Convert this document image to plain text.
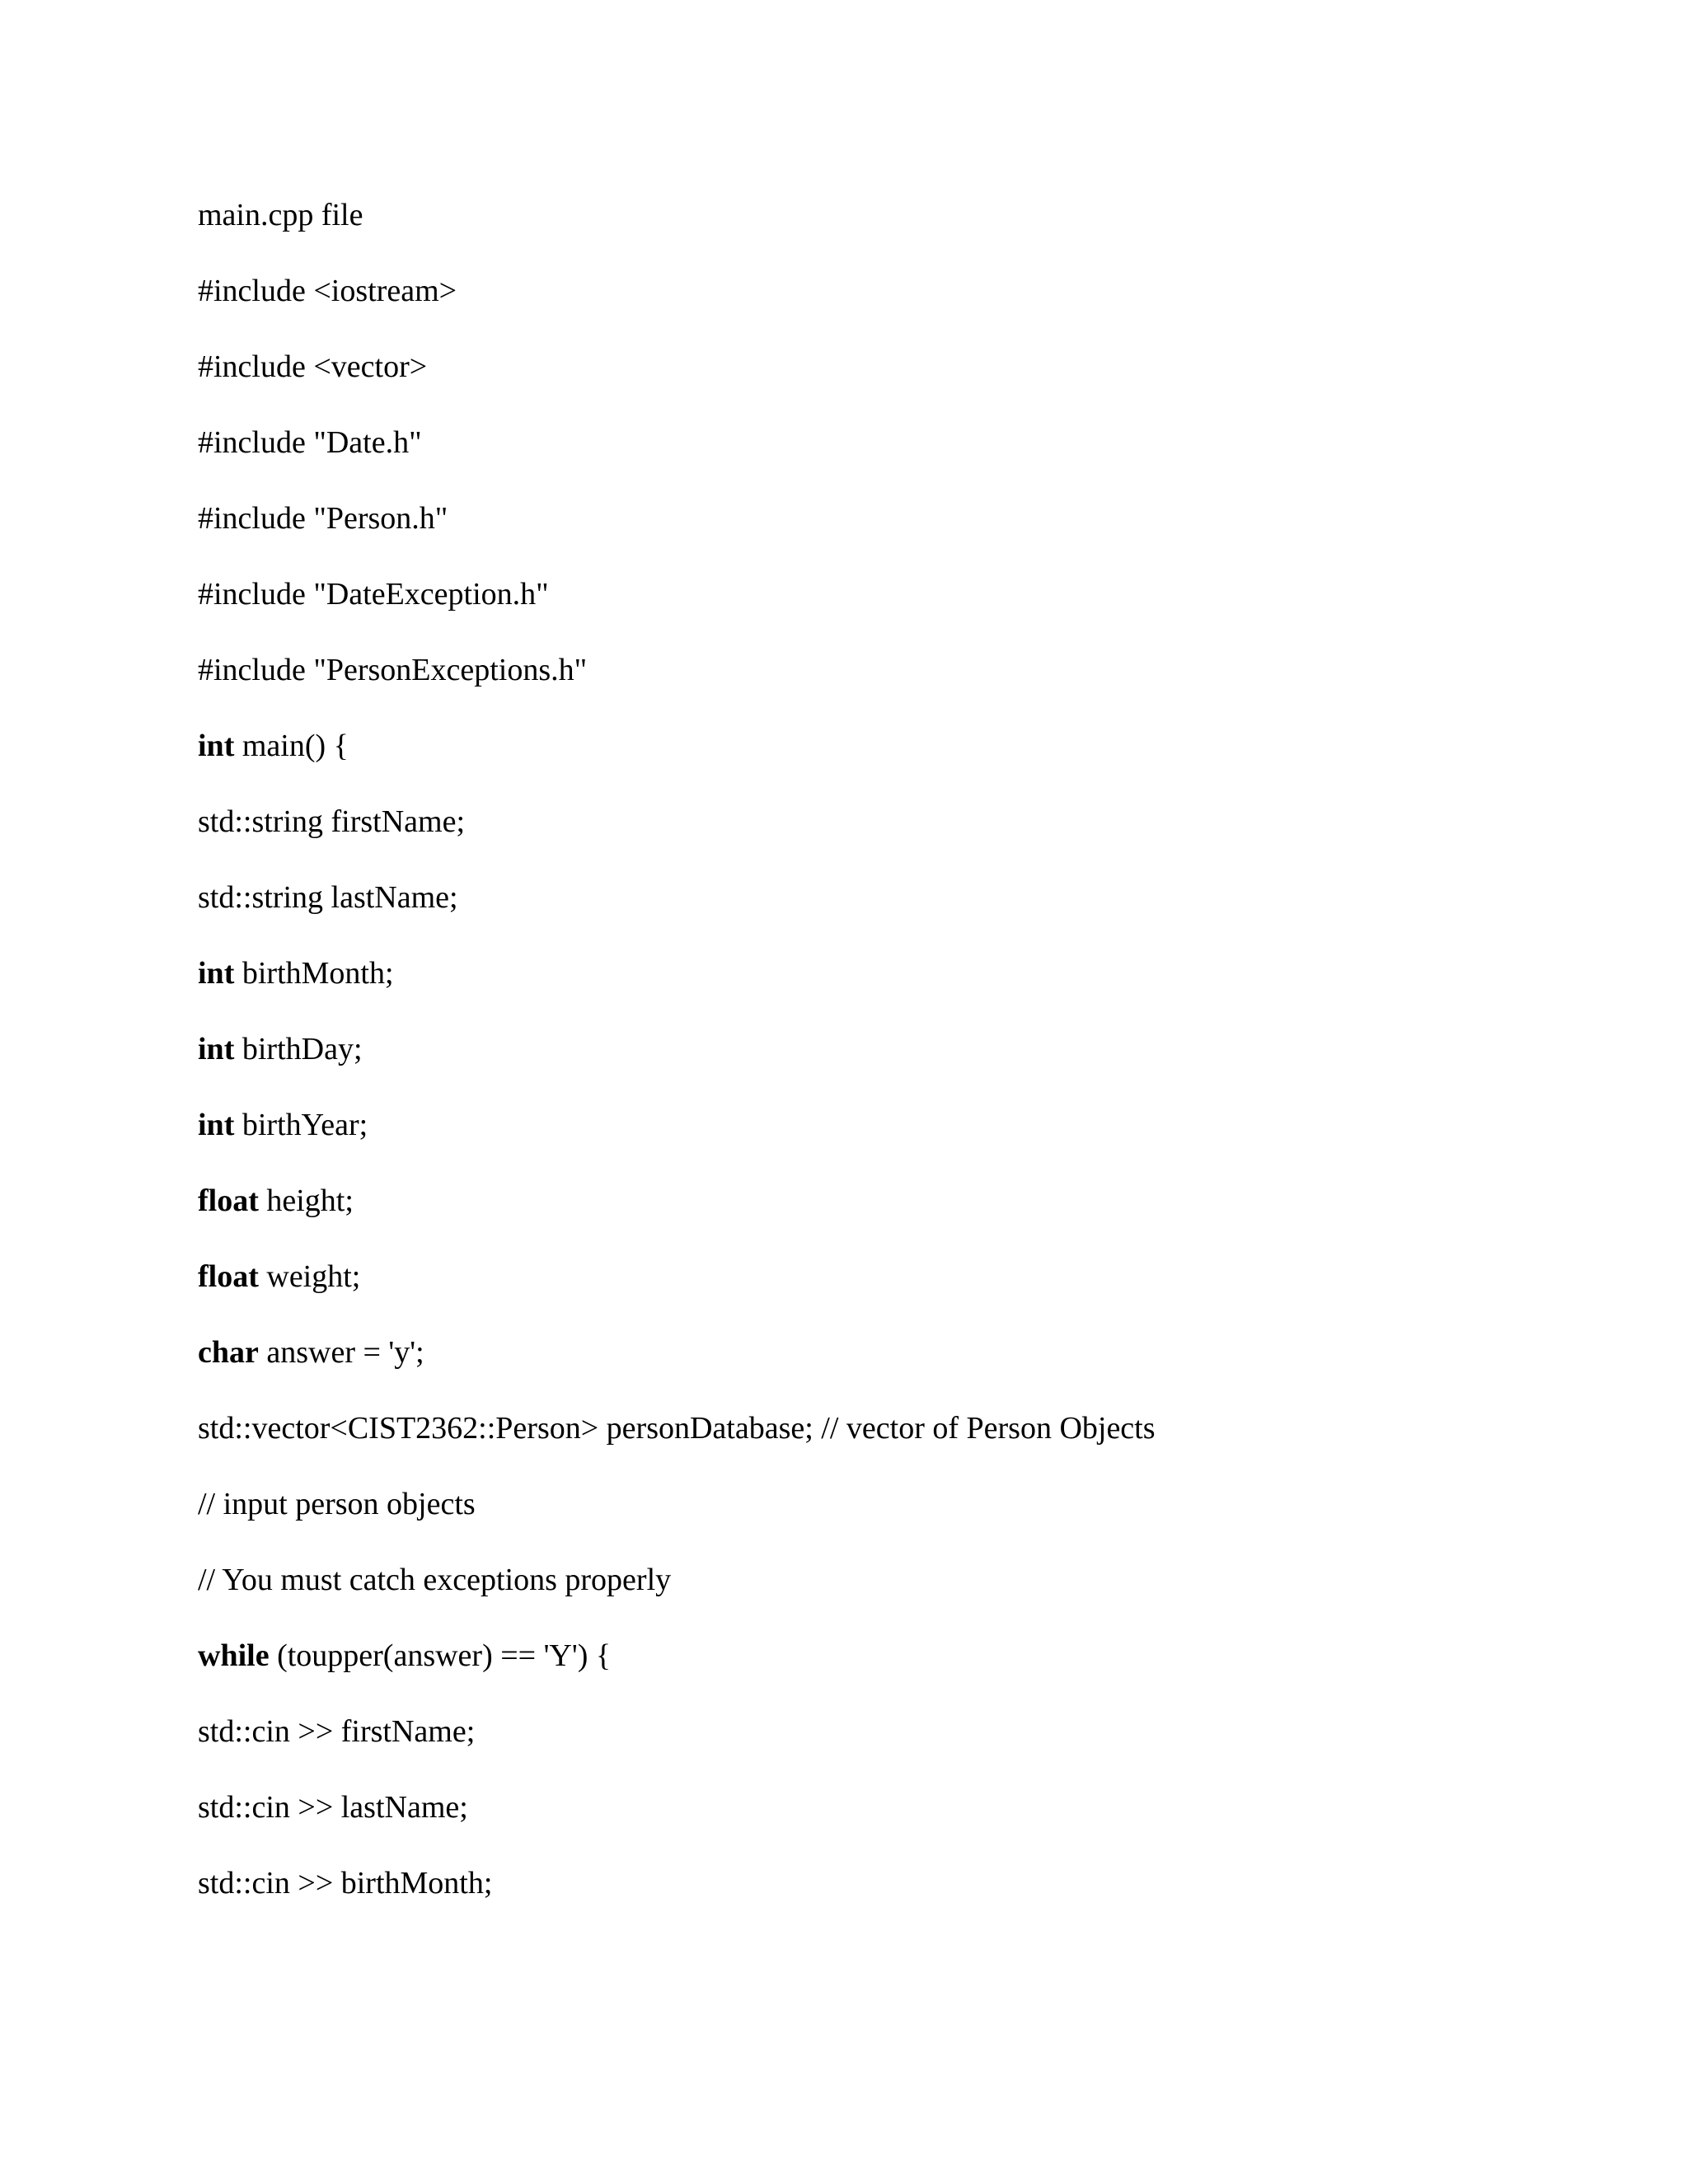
main.cpp file

#include <iostream>

#include <vector>

#include "Date.h"

#include "Person.h"

#include "DateException.h"

#include "PersonExceptions.h"

int main() {

std::string firstName;

std::string lastName;

int birthMonth;

int birthDay;

int birthYear;

float height;

float weight;

char answer = 'y';

std::vector<CIST2362::Person> personDatabase; // vector of Person Objects

// input person objects

// You must catch exceptions properly

while (toupper(answer) == 'Y') {

std::cin >> firstName;

std::cin >> lastName;

std::cin >> birthMonth;
